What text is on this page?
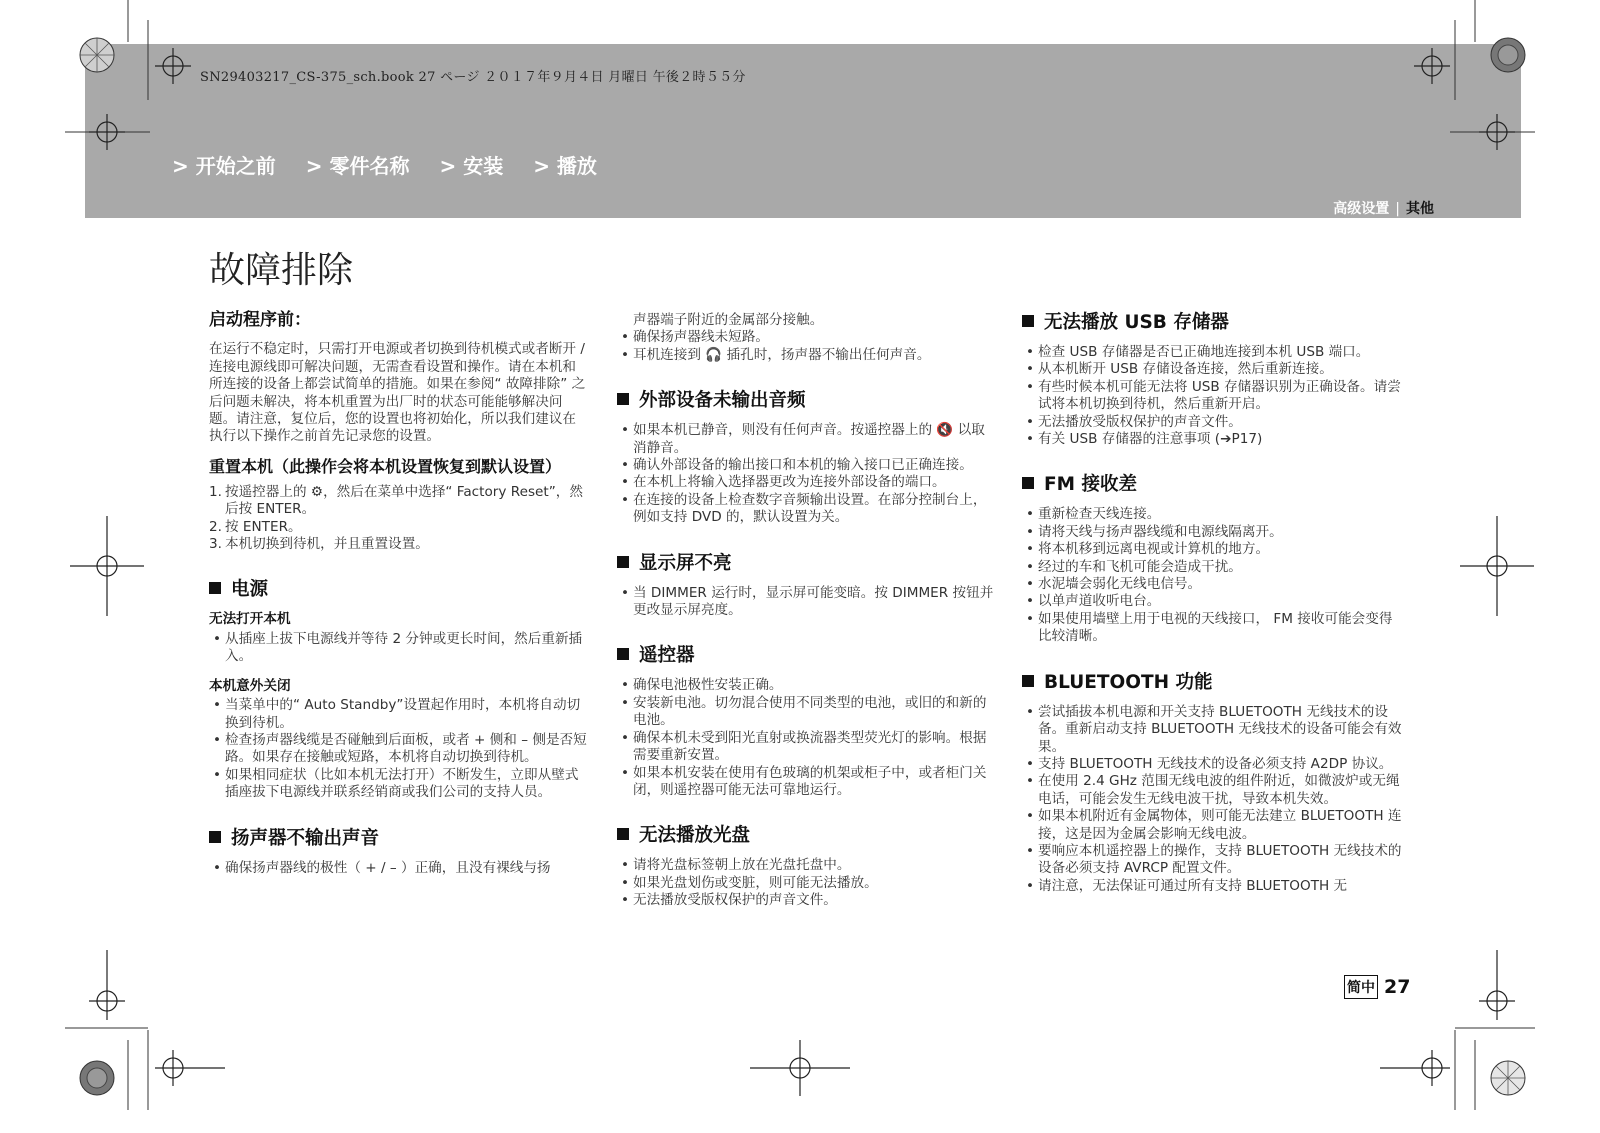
SN29403217_CS-375_sch.book 27 ページ ２０１７年９月４日 月曜日 午後２時５５分
> 开始之前 > 零件名称 > 安装 > 播放
高级设置 | 其他
故障排除
启动程序前：

在运行不稳定时，只需打开电源或者切换到待机模式或者断开 / 连接电源线即可解决问题，无需查看设置和操作。请在本机和所连接的设备上都尝试简单的措施。如果在参阅“ 故障排除” 之后问题未解决，将本机重置为出厂时的状态可能能够解决问题。请注意，复位后，您的设置也将初始化，所以我们建议在执行以下操作之前首先记录您的设置。

重置本机（此操作会将本机设置恢复到默认设置）
1. 按遥控器上的 ⚙，然后在菜单中选择“ Factory Reset”，然后按 ENTER。
2. 按 ENTER。
3. 本机切换到待机，并且重置设置。
电源
无法打开本机
• 从插座上拔下电源线并等待 2 分钟或更长时间，然后重新插入。
本机意外关闭
• 当菜单中的“ Auto Standby”设置起作用时，本机将自动切换到待机。
• 检查扬声器线缆是否碰触到后面板，或者 + 侧和 – 侧是否短路。如果存在接触或短路，本机将自动切换到待机。
• 如果相同症状（比如本机无法打开）不断发生，立即从壁式插座拔下电源线并联系经销商或我们公司的支持人员。
扬声器不输出声音
• 确保扬声器线的极性（ + / – ）正确，且没有裸线与扬

声器端子附近的金属部分接触。

• 确保扬声器线未短路。
• 耳机连接到 🎧 插孔时，扬声器不输出任何声音。
外部设备未输出音频
• 如果本机已静音，则没有任何声音。按遥控器上的 🔇 以取消静音。
• 确认外部设备的输出接口和本机的输入接口已正确连接。
• 在本机上将输入选择器更改为连接外部设备的端口。
• 在连接的设备上检查数字音频输出设置。在部分控制台上，例如支持 DVD 的，默认设置为关。
显示屏不亮
• 当 DIMMER 运行时，显示屏可能变暗。按 DIMMER 按钮并更改显示屏亮度。
遥控器
• 确保电池极性安装正确。
• 安装新电池。切勿混合使用不同类型的电池，或旧的和新的电池。
• 确保本机未受到阳光直射或换流器类型荧光灯的影响。根据需要重新安置。
• 如果本机安装在使用有色玻璃的机架或柜子中，或者柜门关闭，则遥控器可能无法可靠地运行。
无法播放光盘
• 请将光盘标签朝上放在光盘托盘中。
• 如果光盘划伤或变脏，则可能无法播放。
• 无法播放受版权保护的声音文件。
无法播放 USB 存储器
• 检查 USB 存储器是否已正确地连接到本机 USB 端口。
• 从本机断开 USB 存储设备连接，然后重新连接。
• 有些时候本机可能无法将 USB 存储器识别为正确设备。请尝试将本机切换到待机，然后重新开启。
• 无法播放受版权保护的声音文件。
• 有关 USB 存储器的注意事项 (➔P17)
FM 接收差
• 重新检查天线连接。
• 请将天线与扬声器线缆和电源线隔离开。
• 将本机移到远离电视或计算机的地方。
• 经过的车和飞机可能会造成干扰。
• 水泥墙会弱化无线电信号。
• 以单声道收听电台。
• 如果使用墙壁上用于电视的天线接口， FM 接收可能会变得比较清晰。
BLUETOOTH 功能
• 尝试插拔本机电源和开关支持 BLUETOOTH 无线技术的设备。重新启动支持 BLUETOOTH 无线技术的设备可能会有效果。
• 支持 BLUETOOTH 无线技术的设备必须支持 A2DP 协议。
• 在使用 2.4 GHz 范围无线电波的组件附近，如微波炉或无绳电话，可能会发生无线电波干扰，导致本机失效。
• 如果本机附近有金属物体，则可能无法建立 BLUETOOTH 连接，这是因为金属会影响无线电波。
• 要响应本机遥控器上的操作，支持 BLUETOOTH 无线技术的设备必须支持 AVRCP 配置文件。
• 请注意，无法保证可通过所有支持 BLUETOOTH 无
简中 27
